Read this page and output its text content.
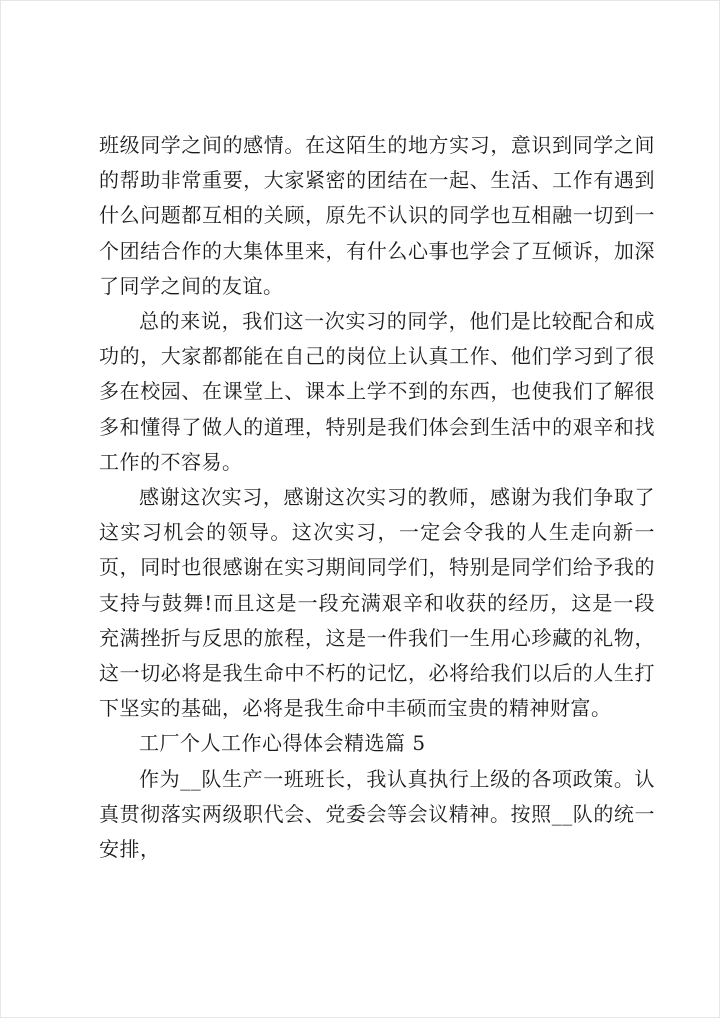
班级同学之间的感情。在这陌生的地方实习，意识到同学之间的帮助非常重要，大家紧密的团结在一起、生活、工作有遇到什么问题都互相的关顾，原先不认识的同学也互相融一切到一个团结合作的大集体里来，有什么心事也学会了互倾诉，加深了同学之间的友谊。

总的来说，我们这一次实习的同学，他们是比较配合和成功的，大家都都能在自己的岗位上认真工作、他们学习到了很多在校园、在课堂上、课本上学不到的东西，也使我们了解很多和懂得了做人的道理，特别是我们体会到生活中的艰辛和找工作的不容易。

感谢这次实习，感谢这次实习的教师，感谢为我们争取了这实习机会的领导。这次实习，一定会令我的人生走向新一页，同时也很感谢在实习期间同学们，特别是同学们给予我的支持与鼓舞!而且这是一段充满艰辛和收获的经历，这是一段充满挫折与反思的旅程，这是一件我们一生用心珍藏的礼物，这一切必将是我生命中不朽的记忆，必将给我们以后的人生打下坚实的基础，必将是我生命中丰硕而宝贵的精神财富。

工厂个人工作心得体会精选篇 5

作为__队生产一班班长，我认真执行上级的各项政策。认真贯彻落实两级职代会、党委会等会议精神。按照__队的统一安排，
